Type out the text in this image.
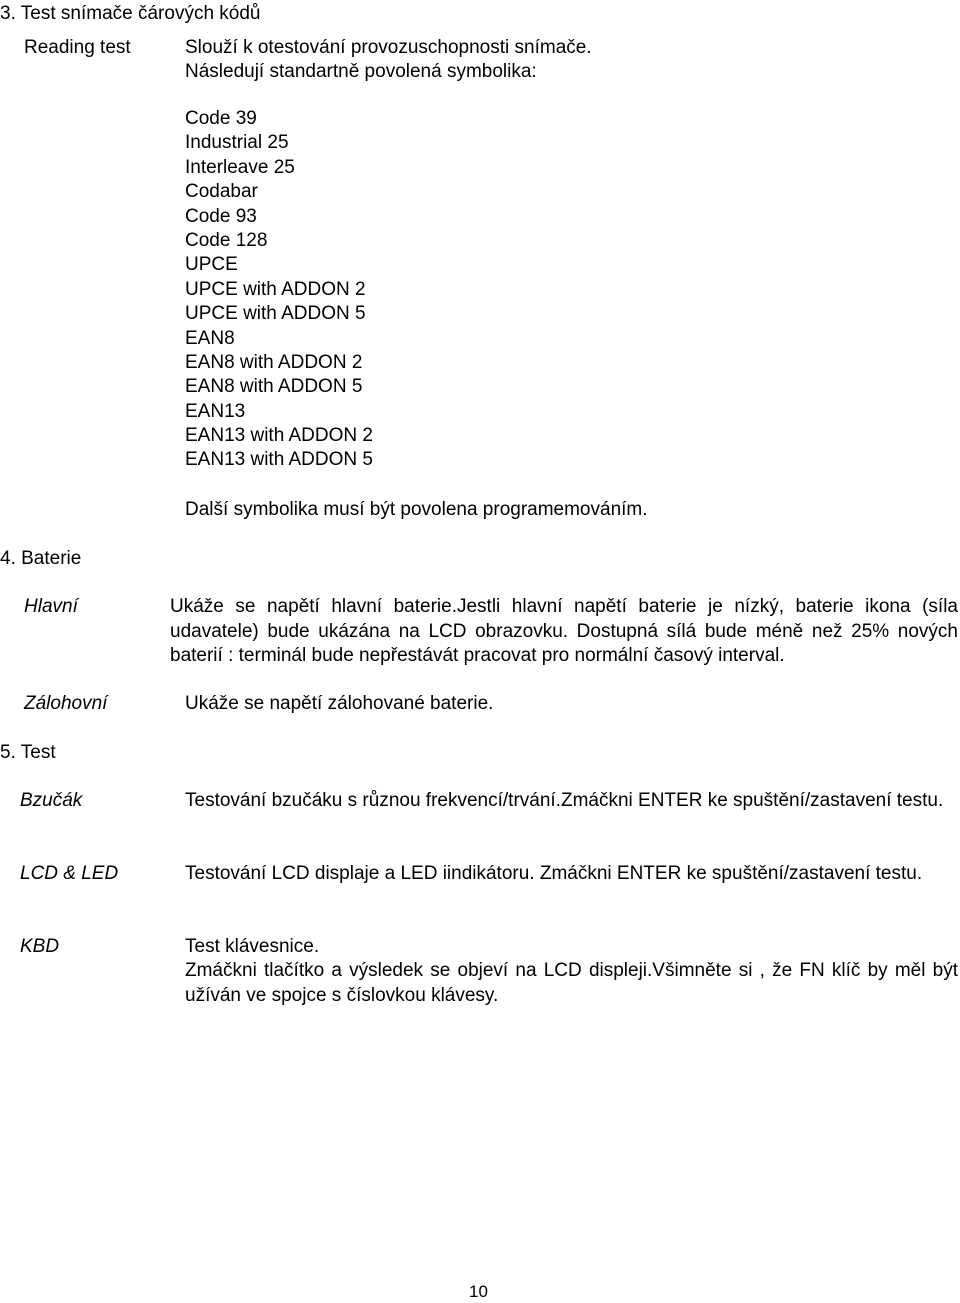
3. Test snímače čárových kódů
Reading test	Slouží k otestování provozuschopnosti snímače.
Následují standartně povolená symbolika:
Code 39
Industrial 25
Interleave 25
Codabar
Code 93
Code 128
UPCE
UPCE with ADDON 2
UPCE with ADDON 5
EAN8
EAN8 with ADDON 2
EAN8 with ADDON 5
EAN13
EAN13 with ADDON 2
EAN13 with ADDON 5
Další symbolika musí být povolena programemováním.
4. Baterie
Hlavní	Ukáže se napětí hlavní baterie.Jestli hlavní napětí baterie je nízký, baterie ikona (síla udavatele) bude ukázána na LCD obrazovku. Dostupná sílá bude méně než 25% nových baterií : terminál bude nepřestávát pracovat pro normální časový interval.
Zálohovní	Ukáže se napětí zálohované baterie.
5. Test
Bzučák	Testování bzučáku s různou frekvencí/trvání.Zmáčkni ENTER ke spuštění/zastavení testu.
LCD & LED	Testování LCD displaje a LED iindikátoru. Zmáčkni ENTER ke spuštění/zastavení testu.
KBD	Test klávesnice.
Zmáčkni tlačítko a výsledek se objeví na LCD displeji.Všimněte si , že FN klíč by měl být užíván ve spojce s číslovkou klávesy.
10
